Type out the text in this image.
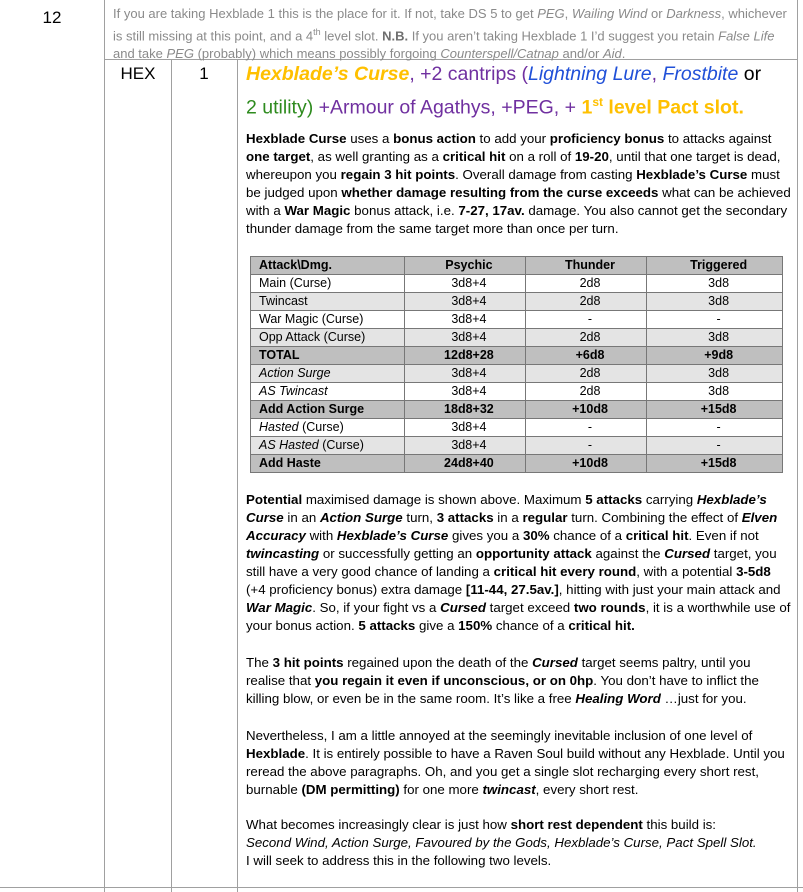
12	If you are taking Hexblade 1 this is the place for it. If not, take DS 5 to get PEG, Wailing Wind or Darkness, whichever is still missing at this point, and a 4th level slot. N.B. If you aren’t taking Hexblade 1 I’d suggest you retain False Life and take PEG (probably) which means possibly forgoing Counterspell/Catnap and/or Aid.
HEX	1	Hexblade’s Curse, +2 cantrips (Lightning Lure, Frostbite or
2 utility) +Armour of Agathys, +PEG, + 1st level Pact slot.
Hexblade Curse uses a bonus action to add your proficiency bonus to attacks against one target, as well granting as a critical hit on a roll of 19-20, until that one target is dead, whereupon you regain 3 hit points. Overall damage from casting Hexblade’s Curse must be judged upon whether damage resulting from the curse exceeds what can be achieved with a War Magic bonus attack, i.e. 7-27, 17av. damage. You also cannot get the secondary thunder damage from the same target more than once per turn.
Attack\Dmg.	Psychic	Thunder	Triggered
Main (Curse)	3d8+4	2d8	3d8
Twincast	3d8+4	2d8	3d8
War Magic (Curse)	3d8+4	-	-
Opp Attack (Curse)	3d8+4	2d8	3d8
TOTAL	12d8+28	+6d8	+9d8
Action Surge	3d8+4	2d8	3d8
AS Twincast	3d8+4	2d8	3d8
Add Action Surge	18d8+32	+10d8	+15d8
Hasted (Curse)	3d8+4	-	-
AS Hasted (Curse)	3d8+4	-	-
Add Haste	24d8+40	+10d8	+15d8
Potential maximised damage is shown above. Maximum 5 attacks carrying Hexblade’s Curse in an Action Surge turn, 3 attacks in a regular turn. Combining the effect of Elven Accuracy with Hexblade’s Curse gives you a 30% chance of a critical hit. Even if not twincasting or successfully getting an opportunity attack against the Cursed target, you still have a very good chance of landing a critical hit every round, with a potential 3-5d8 (+4 proficiency bonus) extra damage [11-44, 27.5av.], hitting with just your main attack and War Magic. So, if your fight vs a Cursed target exceed two rounds, it is a worthwhile use of your bonus action. 5 attacks give a 150% chance of a critical hit.
The 3 hit points regained upon the death of the Cursed target seems paltry, until you realise that you regain it even if unconscious, or on 0hp. You don’t have to inflict the killing blow, or even be in the same room. It’s like a free Healing Word …just for you.
Nevertheless, I am a little annoyed at the seemingly inevitable inclusion of one level of Hexblade. It is entirely possible to have a Raven Soul build without any Hexblade. Until you reread the above paragraphs. Oh, and you get a single slot recharging every short rest, burnable (DM permitting) for one more twincast, every short rest.
What becomes increasingly clear is just how short rest dependent this build is:
Second Wind, Action Surge, Favoured by the Gods, Hexblade’s Curse, Pact Spell Slot.
I will seek to address this in the following two levels.
